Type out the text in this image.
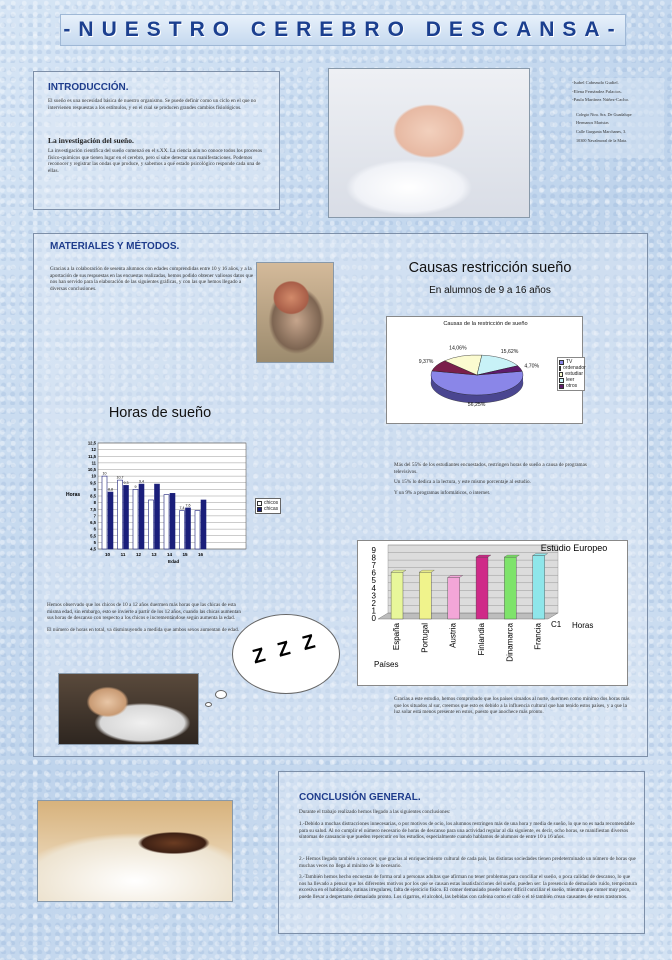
-NUESTRO CEREBRO DESCANSA-
INTRODUCCIÓN.
El sueño es una necesidad básica de nuestro organismo. Se puede definir como un ciclo en el que no intervienen respuestas a los estímulos, y en el cual se producen grandes cambios fisiológicos.
La investigación del sueño.
La investigación científica del sueño comenzó en el s.XX. La ciencia aún no conoce todos los procesos físico-químicos que tienen lugar en el cerebro, pero sí sabe detectar sus manifestaciones. Podemos reconocer y registrar las ondas que produce, y sabemos a qué estado psicológico responde cada una de ellas.
-Isabel Cabezudo Gudiel.
-Elena Fernández Palacios.
-Paula Martínez Núñez-Cacho.
Colegio Ntra. Sra. De Guadalupe
Hermanos Maristas
Calle Gurgunta Marchanes, 3.
10300 Navalmoral de la Mata.
MATERIALES Y MÉTODOS.
Gracias a la colaboración de sesenta alumnos con edades comprendidas entre 10 y 16 años, y a la aportación de sus respuestas en las encuestas realizadas, hemos podido obtener valiosos datos que nos han servido para la elaboración de las siguientes gráficas, y con las que hemos llegado a diversas conclusiones.
Causas restricción sueño
En alumnos de 9 a 16 años
Causas de la restricción de sueño
56,25%
9,37%
14,06%
15,62%
4,70%
TV
ordenador
estudiar
leer
otros
Horas de sueño
4,5
5
5,5
6
6,5
7
7,5
8
8,5
9
9,5
10
10,5
11
11,5
12
12,5
Horas
10 11 12 13 14 15 16
10
8,8
10,7
9,3
9
9,4
7,4
7,6
Edad
chicos
chicas
Más del 55% de los estudiantes encuestados, restringen horas de sueño a causa de programas televisivos.
Un 15% lo dedica a la lectura, y este mismo porcentaje al estudio.
Y un 9% a programas informáticos, o internet.
0
1
2
3
4
5
6
7
8
9
España Portugal Austria Finlandia Dinamarca Francia
Estudio Europeo
C1 Horas
Países
Hemos observado que los chicos de 10 a 12 años duermen más horas que las chicas de esta misma edad, sin embargo, esto se invierte a partir de los 12 años, cuando las chicas aumentan sus horas de descanso con respecto a los chicos e incrementándose según aumenta la edad.
El número de horas en total, va disminuyendo a medida que ambos sexos aumentan de edad. Z Z Z
Gracias a este estudio, hemos comprobado que los países situados al norte, duermen como mínimo dos horas más que los situados al sur, creemos que esto es debido a la influencia cultural que han tenido estos países, y a que la luz solar está menos presente en estos, puesto que anochece más pronto.
CONCLUSIÓN GENERAL.
Durante el trabajo realizado hemos llegado a las siguientes conclusiones:
1.-Debido a muchas distracciones innecesarias, o por motivos de ocio, los alumnos restringen más de una hora y media de sueño, lo que no es nada recomendable para su salud. Al no cumplir el número necesario de horas de descanso para una actividad regular al día siguiente, es decir, ocho horas, se manifiestan diversos síntomas de cansancio que pueden repercutir en los estudios, especialmente cuando hablamos de alumnos de entre 10 a 16 años.
2.- Hemos llegado también a conocer, que gracias al enriquecimiento cultural de cada país, las distintas sociedades tienen predeterminado un número de horas que muchas veces no llega al mínimo de lo necesario.
3.-También hemos hecho encuestas de forma oral a personas adultas que afirman no tener problemas para conciliar el sueño, o poca calidad de descanso, lo que nos ha llevado a pensar que los diferentes motivos por los que se causan estas insatisfacciones del sueño, pueden ser: la presencia de demasiado ruido, temperatura excesiva en el habitáculo, rutinas irregulares, falta de ejercicio físico. El comer demasiado puede hacer difícil conciliar el sueño, mientras que comer muy poco, puede llevar a despertarse demasiado pronto. Los cigarros, el alcohol, las bebidas con cafeína como el café o el té también crean causantes de estos trastornos.
